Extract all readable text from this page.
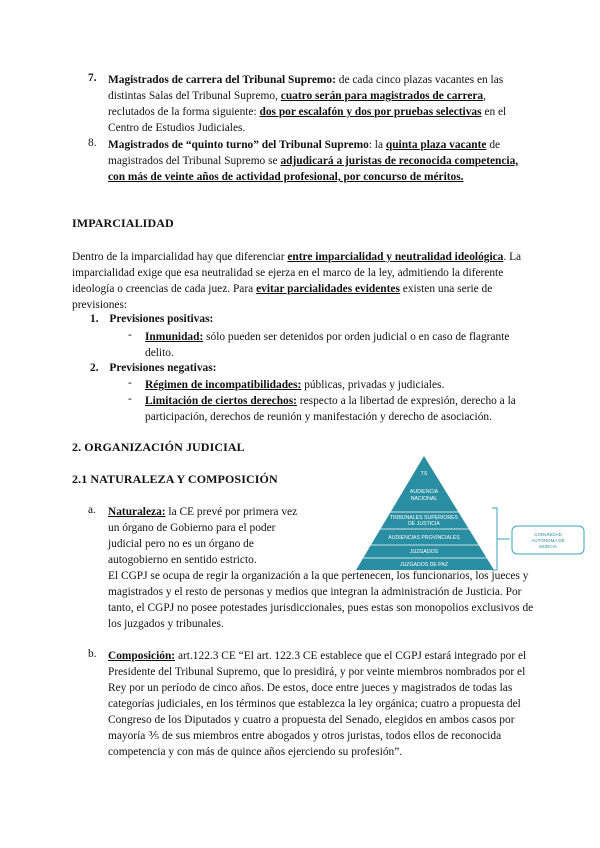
7.	Magistrados de carrera del Tribunal Supremo: de cada cinco plazas vacantes en las distintas Salas del Tribunal Supremo, cuatro serán para magistrados de carrera, reclutados de la forma siguiente: dos por escalafón y dos por pruebas selectivas en el Centro de Estudios Judiciales.

8.	Magistrados de “quinto turno” del Tribunal Supremo: la quinta plaza vacante de magistrados del Tribunal Supremo se adjudicará a juristas de reconocida competencia, con más de veinte años de actividad profesional, por concurso de méritos.

IMPARCIALIDAD

Dentro de la imparcialidad hay que diferenciar entre imparcialidad y neutralidad ideológica. La imparcialidad exige que esa neutralidad se ejerza en el marco de la ley, admitiendo la diferente ideología o creencias de cada juez. Para evitar parcialidades evidentes existen una serie de previsiones:

1. Previsiones positivas:
-	Inmunidad: sólo pueden ser detenidos por orden judicial o en caso de flagrante delito.

2. Previsiones negativas:
-	Régimen de incompatibilidades: públicas, privadas y judiciales.

-	Limitación de ciertos derechos: respecto a la libertad de expresión, derecho a la participación, derechos de reunión y manifestación y derecho de asociación.

2. ORGANIZACIÓN JUDICIAL
2.1 NATURALEZA Y COMPOSICIÓN
a.	Naturaleza: la CE prevé por primera vez un órgano de Gobierno para el poder judicial pero no es un órgano de autogobierno en sentido estricto.

El CGPJ se ocupa de regir la organización a la que pertenecen, los funcionarios, los jueces y magistrados y el resto de personas y medios que integran la administración de Justicia. Por tanto, el CGPJ no posee potestades jurisdiccionales, pues estas son monopolios exclusivos de los juzgados y tribunales.

TS
AUDIENCIA
NACIONAL
TRIBUNALES SUPERIORES
DE JUSTICIA
AUDIENCIAS PROVINCIALES
JUZGADOS
JUZGADOS DE PAZ
COMUNIDAD
AUTÓNOMA DE
MURCIA
b.	Composición: art.122.3 CE “El art. 122.3 CE establece que el CGPJ estará integrado por el Presidente del Tribunal Supremo, que lo presidirá, y por veinte miembros nombrados por el Rey por un período de cinco años. De estos, doce entre jueces y magistrados de todas las categorías judiciales, en los términos que establezca la ley orgánica; cuatro a propuesta del Congreso de los Diputados y cuatro a propuesta del Senado, elegidos en ambos casos por mayoría ⅗ de sus miembros entre abogados y otros juristas, todos ellos de reconocida competencia y con más de quince años ejerciendo su profesión”.
